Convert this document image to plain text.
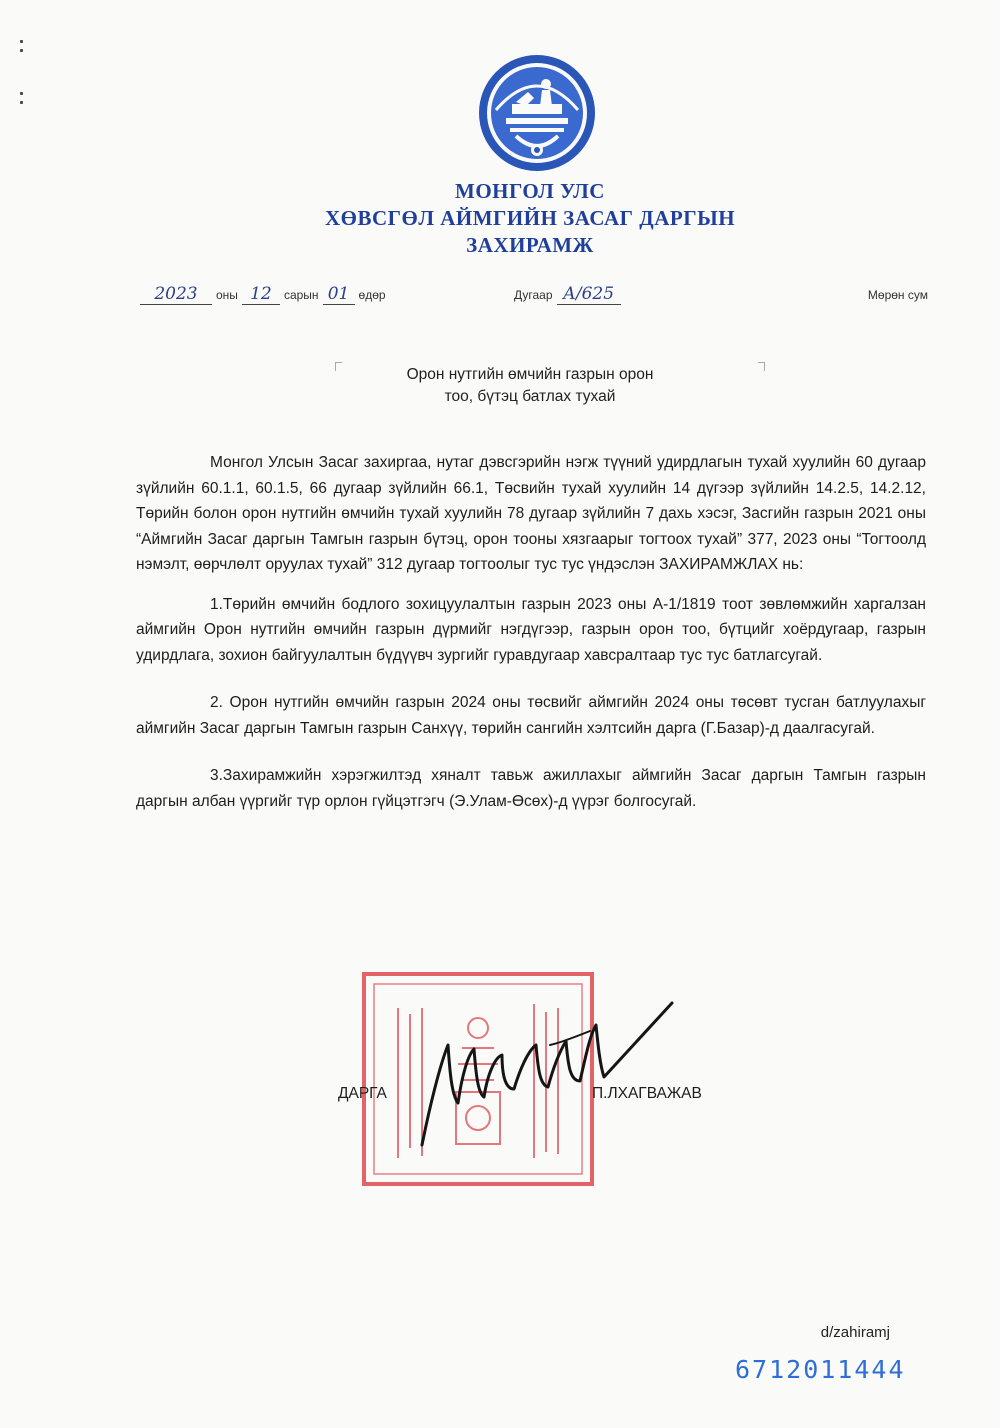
МОНГОЛ УЛС
ХӨВСГӨЛ АЙМГИЙН ЗАСАГ ДАРГЫН
ЗАХИРАМЖ
2023 оны 12 сарын 01 өдөр	Дугаар А/625	Мөрөн сум
Орон нутгийн өмчийн газрын орон
тоо, бүтэц батлах тухай

Монгол Улсын Засаг захиргаа, нутаг дэвсгэрийн нэгж түүний удирдлагын тухай хуулийн 60 дугаар зүйлийн 60.1.1, 60.1.5, 66 дугаар зүйлийн 66.1, Төсвийн тухай хуулийн 14 дүгээр зүйлийн 14.2.5, 14.2.12, Төрийн болон орон нутгийн өмчийн тухай хуулийн 78 дугаар зүйлийн 7 дахь хэсэг, Засгийн газрын 2021 оны “Аймгийн Засаг даргын Тамгын газрын бүтэц, орон тооны хязгаарыг тогтоох тухай” 377, 2023 оны “Тогтоолд нэмэлт, өөрчлөлт оруулах тухай” 312 дугаар тогтоолыг тус тус үндэслэн ЗАХИРАМЖЛАХ нь:

1.Төрийн өмчийн бодлого зохицуулалтын газрын 2023 оны А-1/1819 тоот зөвлөмжийн харгалзан аймгийн Орон нутгийн өмчийн газрын дүрмийг нэгдүгээр, газрын орон тоо, бүтцийг хоёрдугаар, газрын удирдлага, зохион байгуулалтын бүдүүвч зургийг гуравдугаар хавсралтаар тус тус батлагсугай.

2. Орон нутгийн өмчийн газрын 2024 оны төсвийг аймгийн 2024 оны төсөвт тусган батлуулахыг аймгийн Засаг даргын Тамгын газрын Санхүү, төрийн сангийн хэлтсийн дарга (Г.Базар)-д даалгасугай.

3.Захирамжийн хэрэгжилтэд хяналт тавьж ажиллахыг аймгийн Засаг даргын Тамгын газрын даргын албан үүргийг түр орлон гүйцэтгэгч (Э.Улам-Өсөх)-д үүрэг болгосугай.

ДАРГА	П.ЛХАГВАЖАВ
d/zahiramj
6712011444
